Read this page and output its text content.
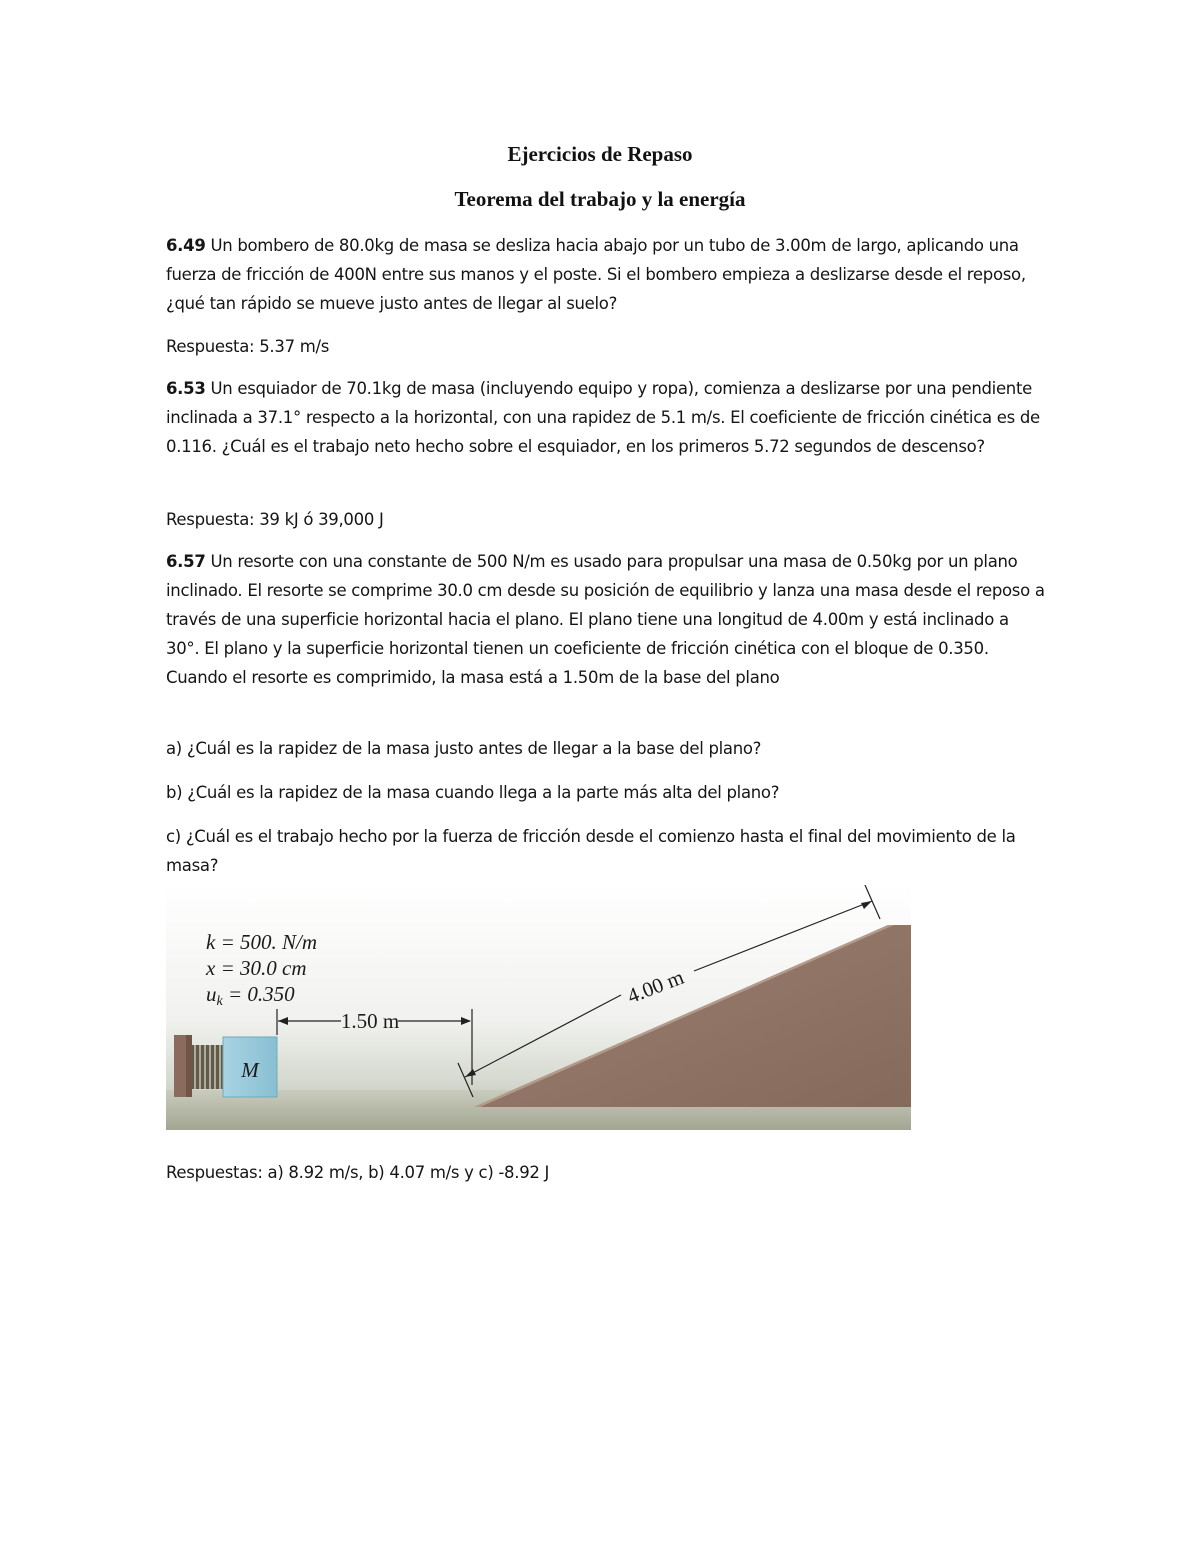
Ejercicios de Repaso
Teorema del trabajo y la energía
6.49 Un bombero de 80.0kg de masa se desliza hacia abajo por un tubo de 3.00m de largo, aplicando una fuerza de fricción de 400N entre sus manos y el poste. Si el bombero empieza a deslizarse desde el reposo, ¿qué tan rápido se mueve justo antes de llegar al suelo?
Respuesta: 5.37 m/s
6.53 Un esquiador de 70.1kg de masa (incluyendo equipo y ropa), comienza a deslizarse por una pendiente inclinada a 37.1° respecto a la horizontal, con una rapidez de 5.1 m/s. El coeficiente de fricción cinética es de 0.116. ¿Cuál es el trabajo neto hecho sobre el esquiador, en los primeros 5.72 segundos de descenso?
Respuesta: 39 kJ ó 39,000 J
6.57 Un resorte con una constante de 500 N/m es usado para propulsar una masa de 0.50kg por un plano inclinado. El resorte se comprime 30.0 cm desde su posición de equilibrio y lanza una masa desde el reposo a través de una superficie horizontal hacia el plano. El plano tiene una longitud de 4.00m y está inclinado a 30°. El plano y la superficie horizontal tienen un coeficiente de fricción cinética con el bloque de 0.350. Cuando el resorte es comprimido, la masa está a 1.50m de la base del plano
a) ¿Cuál es la rapidez de la masa justo antes de llegar a la base del plano?
b) ¿Cuál es la rapidez de la masa cuando llega a la parte más alta del plano?
c) ¿Cuál es el trabajo hecho por la fuerza de fricción desde el comienzo hasta el final del movimiento de la masa?
M
k = 500. N/m
x = 30.0 cm
uk = 0.350
1.50 m
4.00 m
Respuestas: a) 8.92 m/s, b) 4.07 m/s y c) -8.92 J
